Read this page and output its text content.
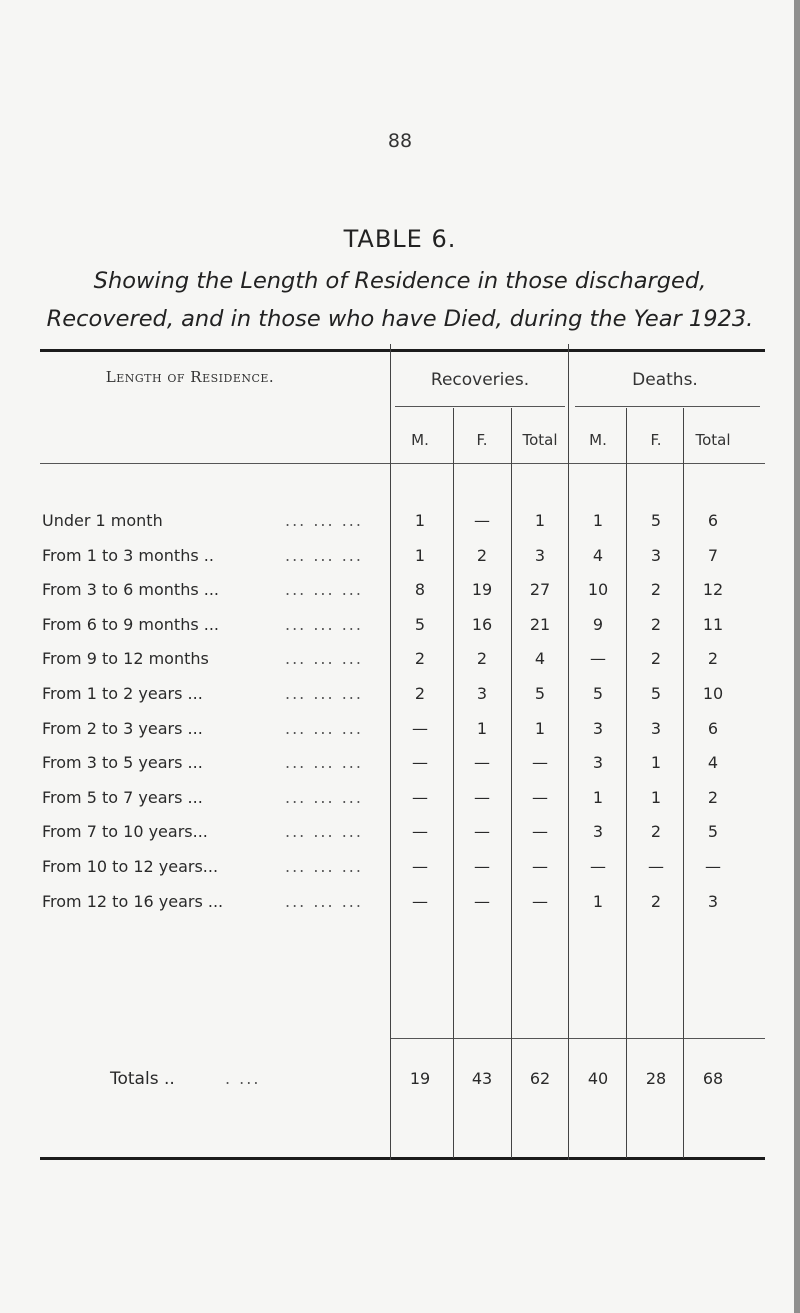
88
TABLE 6.
Showing the Length of Residence in those discharged,
Recovered, and in those who have Died, during the Year 1923.
Length of Residence.	Recoveries.	Deaths.
M.	F.	Total	M.	F.	Total
Under 1 month	... ... ...	1	—	1	1	5	6
From 1 to 3 months ..	... ... ...	1	2	3	4	3	7
From 3 to 6 months ...	... ... ...	8	19	27	10	2	12
From 6 to 9 months ...	... ... ...	5	16	21	9	2	11
From 9 to 12 months	... ... ...	2	2	4	—	2	2
From 1 to 2 years ...	... ... ...	2	3	5	5	5	10
From 2 to 3 years ...	... ... ...	—	1	1	3	3	6
From 3 to 5 years ...	... ... ...	—	—	—	3	1	4
From 5 to 7 years ...	... ... ...	—	—	—	1	1	2
From 7 to 10 years...	... ... ...	—	—	—	3	2	5
From 10 to 12 years...	... ... ...	—	—	—	—	—	—
From 12 to 16 years ...	... ... ...	—	—	—	1	2	3
Totals ..	. ...	19	43	62	40	28	68
